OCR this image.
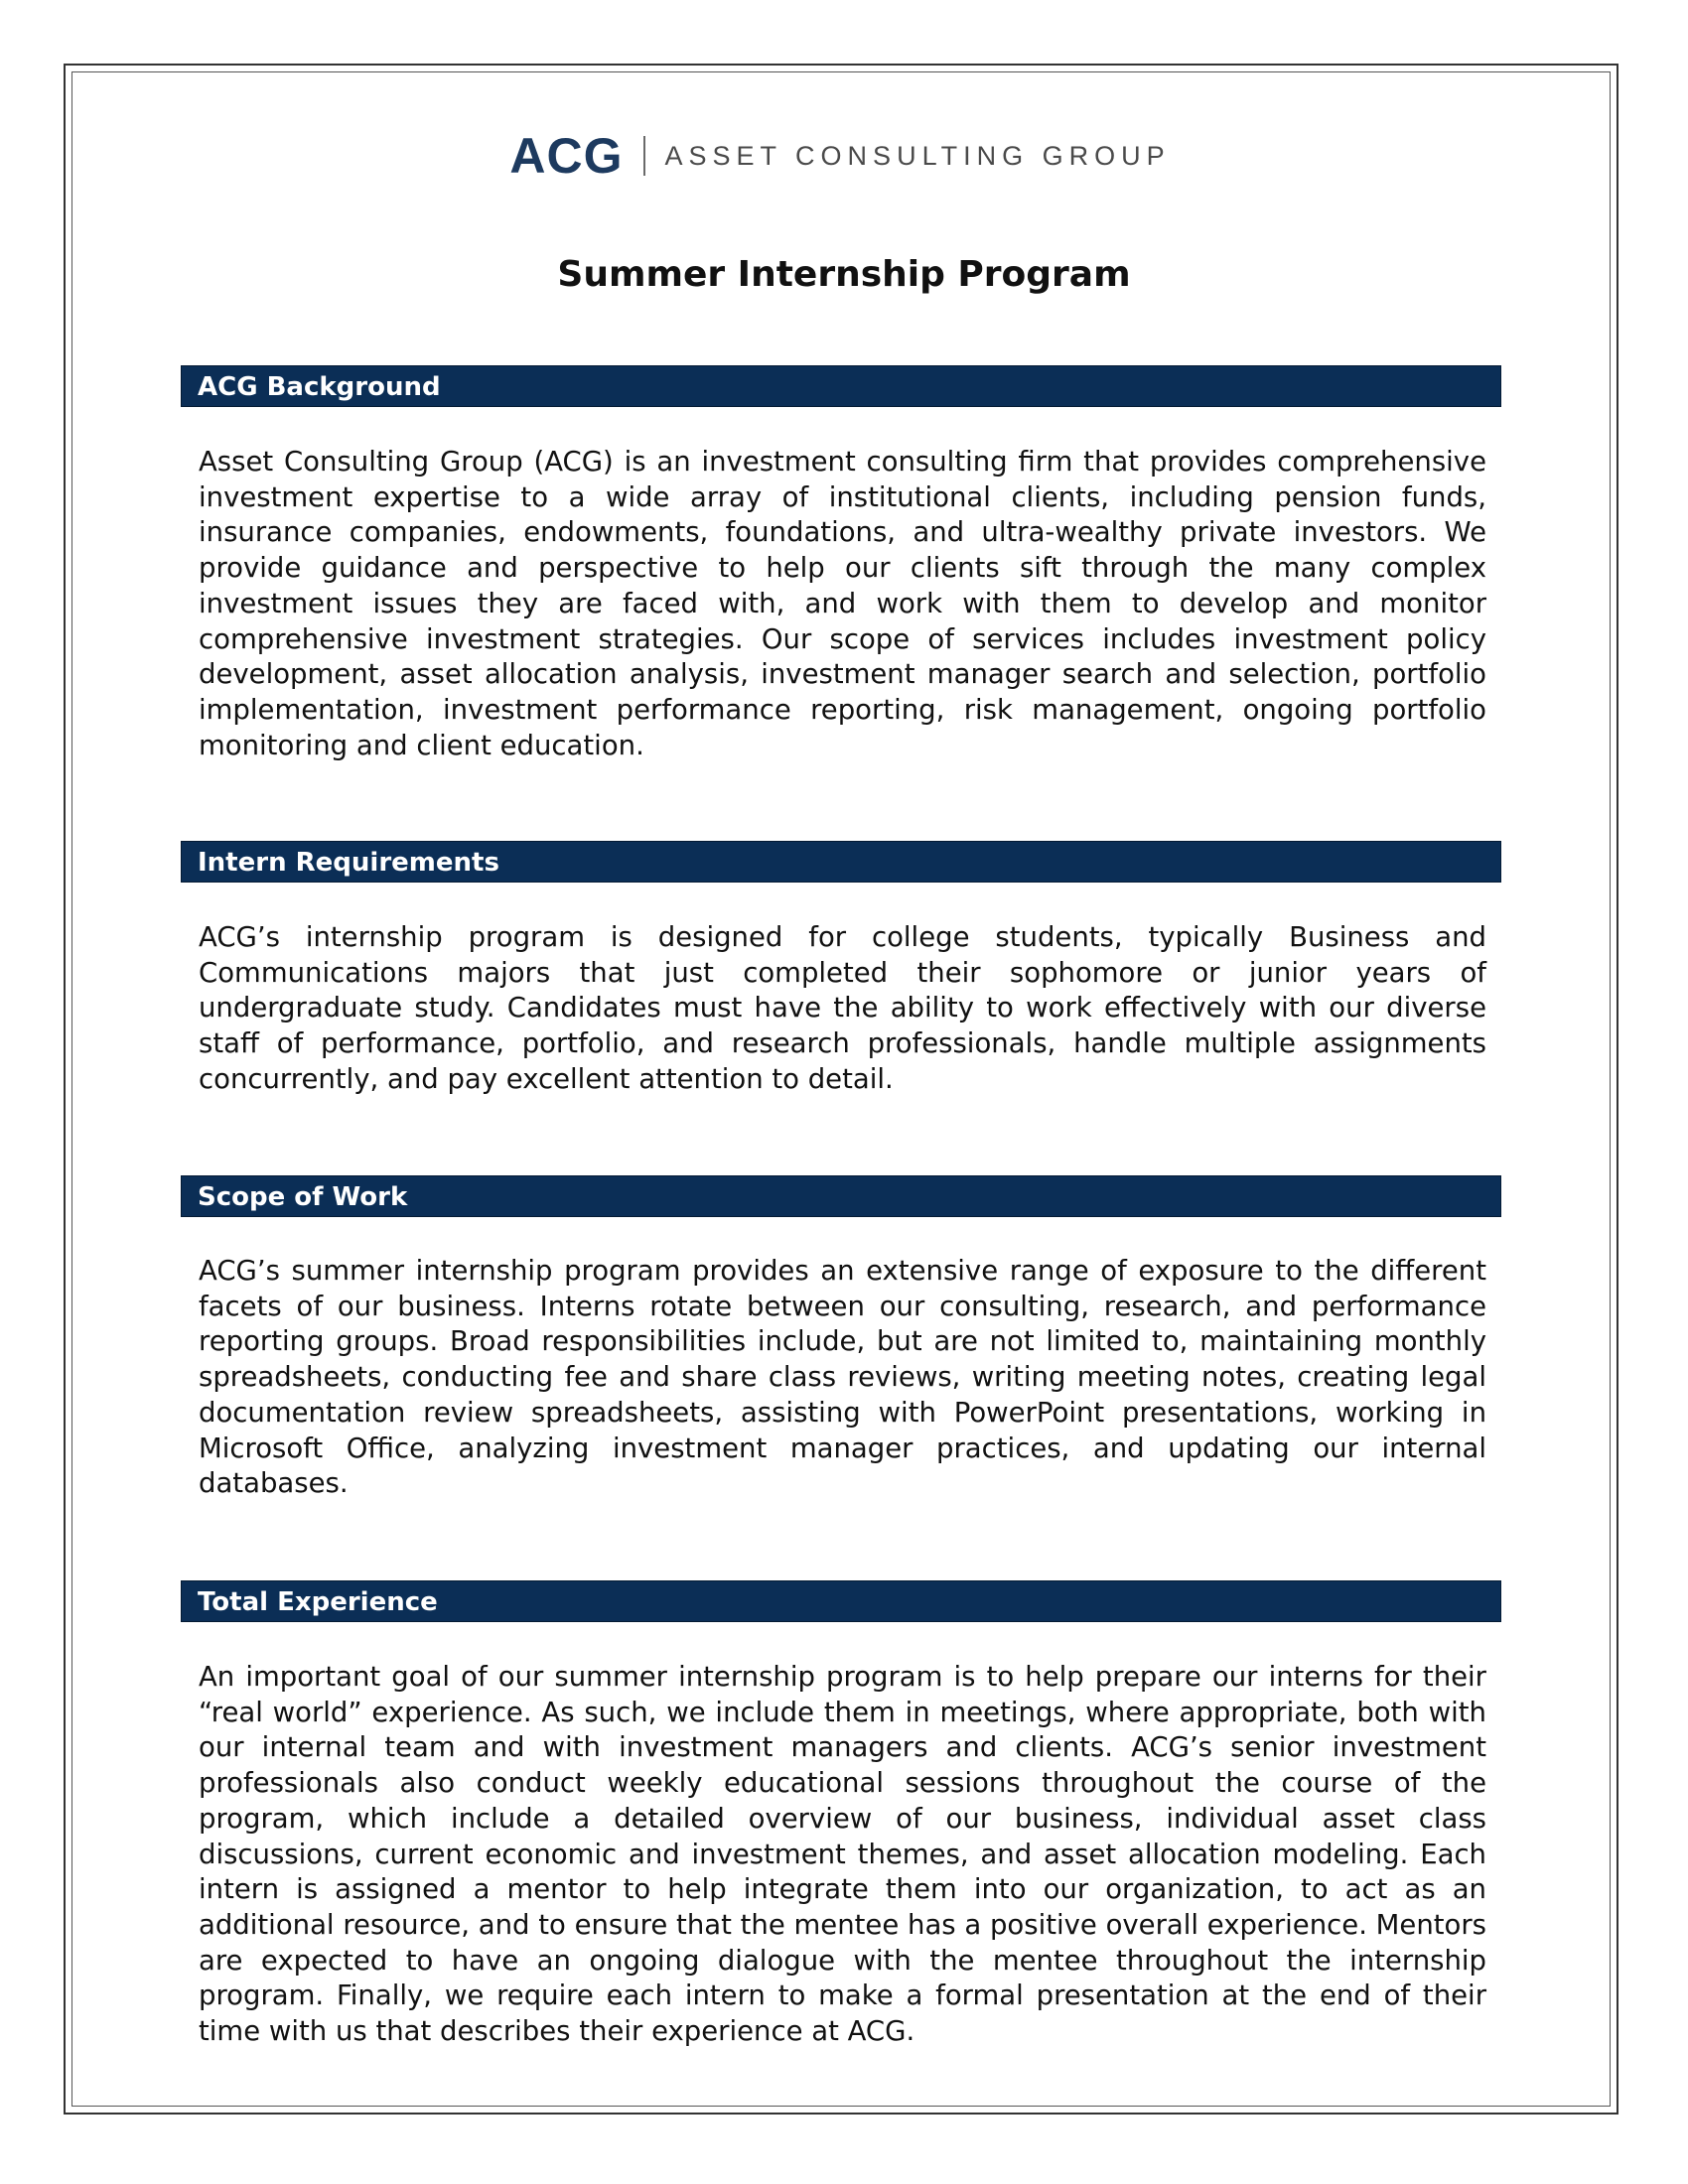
ACG ASSET CONSULTING GROUP
Summer Internship Program
ACG Background

Asset Consulting Group (ACG) is an investment consulting firm that provides comprehensive investment expertise to a wide array of institutional clients, including pension funds, insurance companies, endowments, foundations, and ultra-wealthy private investors. We provide guidance and perspective to help our clients sift through the many complex investment issues they are faced with, and work with them to develop and monitor comprehensive investment strategies. Our scope of services includes investment policy development, asset allocation analysis, investment manager search and selection, portfolio implementation, investment performance reporting, risk management, ongoing portfolio monitoring and client education.

Intern Requirements

ACG’s internship program is designed for college students, typically Business and Communications majors that just completed their sophomore or junior years of undergraduate study. Candidates must have the ability to work effectively with our diverse staff of performance, portfolio, and research professionals, handle multiple assignments concurrently, and pay excellent attention to detail.

Scope of Work

ACG’s summer internship program provides an extensive range of exposure to the different facets of our business. Interns rotate between our consulting, research, and performance reporting groups. Broad responsibilities include, but are not limited to, maintaining monthly spreadsheets, conducting fee and share class reviews, writing meeting notes, creating legal documentation review spreadsheets, assisting with PowerPoint presentations, working in Microsoft Office, analyzing investment manager practices, and updating our internal databases.

Total Experience

An important goal of our summer internship program is to help prepare our interns for their “real world” experience. As such, we include them in meetings, where appropriate, both with our internal team and with investment managers and clients. ACG’s senior investment professionals also conduct weekly educational sessions throughout the course of the program, which include a detailed overview of our business, individual asset class discussions, current economic and investment themes, and asset allocation modeling. Each intern is assigned a mentor to help integrate them into our organization, to act as an additional resource, and to ensure that the mentee has a positive overall experience. Mentors are expected to have an ongoing dialogue with the mentee throughout the internship program. Finally, we require each intern to make a formal presentation at the end of their time with us that describes their experience at ACG.
